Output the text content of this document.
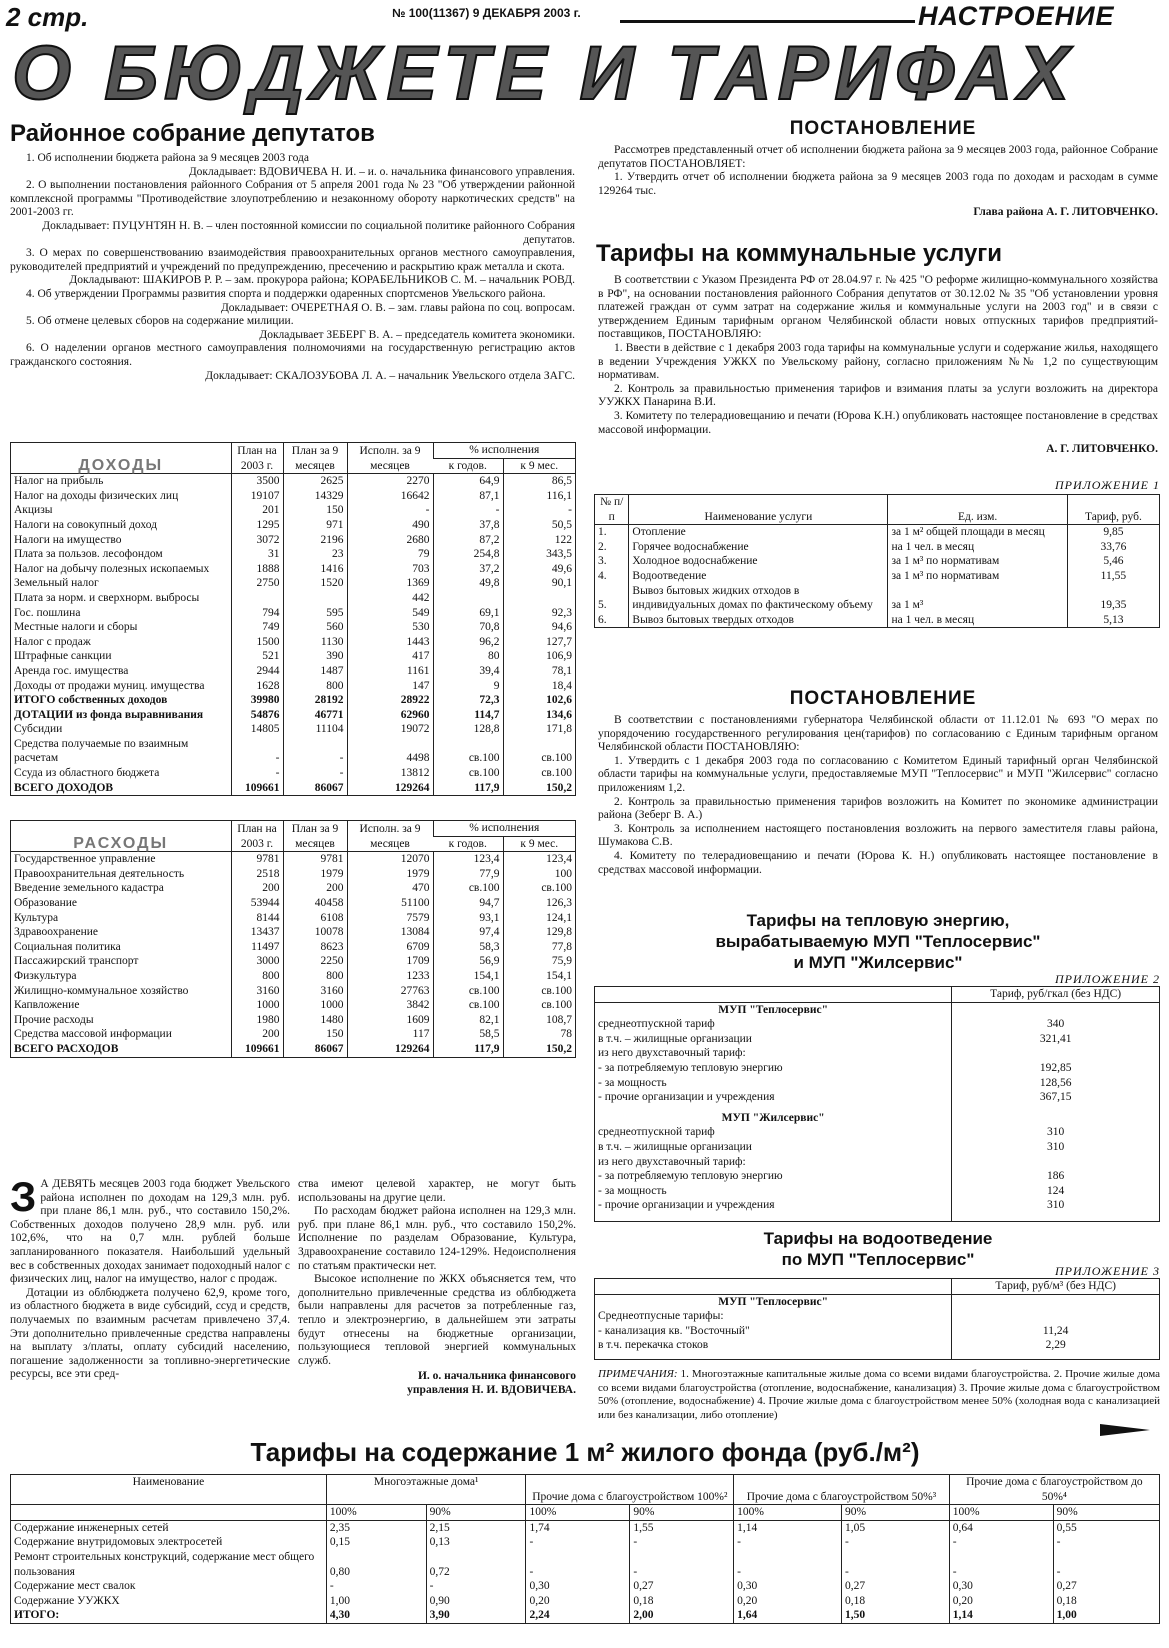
2 стр.	№ 100(11367) 9 ДЕКАБРЯ 2003 г.	НАСТРОЕНИЕ
О БЮДЖЕТЕ И ТАРИФАХ
Районное собрание депутатов

1. Об исполнении бюджета района за 9 месяцев 2003 года

Докладывает: ВДОВИЧЕВА Н. И. – и. о. начальника финансового управления.

2. О выполнении постановления районного Собрания от 5 апреля 2001 года № 23 "Об утверждении районной комплексной программы "Противодействие злоупотреблению и незаконному обороту наркотических средств" на 2001-2003 гг.

Докладывает: ПУЦУНТЯН Н. В. – член постоянной комиссии по социальной политике районного Собрания депутатов.

3. О мерах по совершенствованию взаимодействия правоохранительных органов местного самоуправления, руководителей предприятий и учреждений по предупреждению, пресечению и раскрытию краж металла и скота.

Докладывают: ШАКИРОВ Р. Р. – зам. прокурора района; КОРАБЕЛЬНИКОВ С. М. – начальник РОВД.

4. Об утверждении Программы развития спорта и поддержки одаренных спортсменов Увельского района.

Докладывает: ОЧЕРЕТНАЯ О. В. – зам. главы района по соц. вопросам.

5. Об отмене целевых сборов на содержание милиции.

Докладывает ЗЕБЕРГ В. А. – председатель комитета экономики.

6. О наделении органов местного самоуправления полномочиями на государственную регистрацию актов гражданского состояния.

Докладывает: СКАЛОЗУБОВА Л. А. – начальник Увельского отдела ЗАГС.

ДОХОДЫ	План на 2003 г.	План за 9 месяцев	Исполн. за 9 месяцев	% исполнения	
				к годов.	к 9 мес.
Налог на прибыль	3500	2625	2270	64,9	86,5
Налог на доходы физических лиц	19107	14329	16642	87,1	116,1
Акцизы	201	150	-	-	-
Налоги на совокупный доход	1295	971	490	37,8	50,5
Налоги на имущество	3072	2196	2680	87,2	122
Плата за пользов. лесофондом	31	23	79	254,8	343,5
Налог на добычу полезных ископаемых	1888	1416	703	37,2	49,6
Земельный налог	2750	1520	1369	49,8	90,1
Плата за норм. и сверхнорм. выбросы			442		
Гос. пошлина	794	595	549	69,1	92,3
Местные налоги и сборы	749	560	530	70,8	94,6
Налог с продаж	1500	1130	1443	96,2	127,7
Штрафные санкции	521	390	417	80	106,9
Аренда гос. имущества	2944	1487	1161	39,4	78,1
Доходы от продажи муниц. имущества	1628	800	147	9	18,4
ИТОГО собственных доходов	39980	28192	28922	72,3	102,6
ДОТАЦИИ из фонда выравнивания	54876	46771	62960	114,7	134,6
Субсидии	14805	11104	19072	128,8	171,8
Средства получаемые по взаимным расчетам	-	-	4498	св.100	св.100
Ссуда из областного бюджета	-	-	13812	св.100	св.100
ВСЕГО ДОХОДОВ	109661	86067	129264	117,9	150,2
РАСХОДЫ	План на 2003 г.	План за 9 месяцев	Исполн. за 9 месяцев	% исполнения	
				к годов.	к 9 мес.
Государственное управление	9781	9781	12070	123,4	123,4
Правоохранительная деятельность	2518	1979	1979	77,9	100
Введение земельного кадастра	200	200	470	св.100	св.100
Образование	53944	40458	51100	94,7	126,3
Культура	8144	6108	7579	93,1	124,1
Здравоохранение	13437	10078	13084	97,4	129,8
Социальная политика	11497	8623	6709	58,3	77,8
Пассажирский транспорт	3000	2250	1709	56,9	75,9
Физкультура	800	800	1233	154,1	154,1
Жилищно-коммунальное хозяйство	3160	3160	27763	св.100	св.100
Капвложение	1000	1000	3842	св.100	св.100
Прочие расходы	1980	1480	1609	82,1	108,7
Средства массовой информации	200	150	117	58,5	78
ВСЕГО РАСХОДОВ	109661	86067	129264	117,9	150,2
З А ДЕВЯТЬ месяцев 2003 года бюджет Увельского района исполнен по доходам на 129,3 млн. руб. при плане 86,1 млн. руб., что составило 150,2%. Собственных доходов получено 28,9 млн. руб. или 102,6%, что на 0,7 млн. рублей больше запланированного показателя. Наибольший удельный вес в собственных доходах занимает подоходный налог с физических лиц, налог на имущество, налог с продаж.

Дотации из облбюджета получено 62,9, кроме того, из областного бюджета в виде субсидий, ссуд и средств, получаемых по взаимным расчетам привлечено 37,4. Эти дополнительно привлеченные средства направлены на выплату з/платы, оплату субсидий населению, погашение задолженности за топливно-энергетические ресурсы, все эти сред-

ства имеют целевой характер, не могут быть использованы на другие цели.

По расходам бюджет района исполнен на 129,3 млн. руб. при плане 86,1 млн. руб., что составило 150,2%. Исполнение по разделам Образование, Культура, Здравоохранение составило 124-129%. Недоисполнения по статьям практически нет.

Высокое исполнение по ЖКХ объясняется тем, что дополнительно привлеченные средства из облбюджета были направлены для расчетов за потребленные газ, тепло и электроэнергию, в дальнейшем эти затраты будут отнесены на бюджетные организации, пользующиеся тепловой энергией коммунальных служб.

И. о. начальника финансового

управления Н. И. ВДОВИЧЕВА.

ПОСТАНОВЛЕНИЕ

Рассмотрев представленный отчет об исполнении бюджета района за 9 месяцев 2003 года, районное Собрание депутатов ПОСТАНОВЛЯЕТ:

1. Утвердить отчет об исполнении бюджета района за 9 месяцев 2003 года по доходам и расходам в сумме 129264 тыс.

Глава района А. Г. ЛИТОВЧЕНКО.

Тарифы на коммунальные услуги

В соответствии с Указом Президента РФ от 28.04.97 г. № 425 "О реформе жилищно-коммунального хозяйства в РФ", на основании постановления районного Собрания депутатов от 30.12.02 № 35 "Об установлении уровня платежей граждан от сумм затрат на содержание жилья и коммунальные услуги на 2003 год" и в связи с утверждением Единым тарифным органом Челябинской области новых отпускных тарифов предприятий-поставщиков, ПОСТАНОВЛЯЮ:

1. Ввести в действие с 1 декабря 2003 года тарифы на коммунальные услуги и содержание жилья, находящего в ведении Учреждения УЖКХ по Увельскому району, согласно приложениям №№ 1,2 по существующим нормативам.

2. Контроль за правильностью применения тарифов и взимания платы за услуги возложить на директора УУЖКХ Панарина В.И.

3. Комитету по телерадиовещанию и печати (Юрова К.Н.) опубликовать настоящее постановление в средствах массовой информации.

А. Г. ЛИТОВЧЕНКО.

ПРИЛОЖЕНИЕ 1
№ п/п	Наименование услуги	Ед. изм.	Тариф, руб.
1.	Отопление	за 1 м² общей площади в месяц	9,85
2.	Горячее водоснабжение	на 1 чел. в месяц	33,76
3.	Холодное водоснабжение	за 1 м³ по нормативам	5,46
4.	Водоотведение	за 1 м³ по нормативам	11,55
5.	Вывоз бытовых жидких отходов в индивидуальных домах по фактическому объему	за 1 м³	19,35
6.	Вывоз бытовых твердых отходов	на 1 чел. в месяц	5,13
ПОСТАНОВЛЕНИЕ

В соответствии с постановлениями губернатора Челябинской области от 11.12.01 № 693 "О мерах по упорядочению государственного регулирования цен(тарифов) по согласованию с Единым тарифным органом Челябинской области ПОСТАНОВЛЯЮ:

1. Утвердить с 1 декабря 2003 года по согласованию с Комитетом Единый тарифный орган Челябинской области тарифы на коммунальные услуги, предоставляемые МУП "Теплосервис" и МУП "Жилсервис" согласно приложениям 1,2.

2. Контроль за правильностью применения тарифов возложить на Комитет по экономике администрации района (Зеберг В. А.)

3. Контроль за исполнением настоящего постановления возложить на первого заместителя главы района, Шумакова С.В.

4. Комитету по телерадиовещанию и печати (Юрова К. Н.) опубликовать настоящее постановление в средствах массовой информации.

Тарифы на тепловую энергию,
вырабатываемую МУП "Теплосервис"
и МУП "Жилсервис"
ПРИЛОЖЕНИЕ 2
	Тариф, руб/гкал (без НДС)
МУП "Теплосервис"	
среднеотпускной тариф	340
в т.ч. – жилищные организации	321,41
из него двухставочный тариф:	
- за потребляемую тепловую энергию	192,85
- за мощность	128,56
- прочие организации и учреждения	367,15
МУП "Жилсервис"	
среднеотпускной тариф	310
в т.ч. – жилищные организации	310
из него двухставочный тариф:	
- за потребляемую тепловую энергию	186
- за мощность	124
- прочие организации и учреждения	310

Тарифы на водоотведение
по МУП "Теплосервис"
ПРИЛОЖЕНИЕ 3
	Тариф, руб/м³ (без НДС)
МУП "Теплосервис"	
Среднеотпусные тарифы:	
- канализация кв. "Восточный"	11,24
в т.ч. перекачка стоков	2,29

ПРИМЕЧАНИЯ: 1. Многоэтажные капитальные жилые дома со всеми видами благоустройства. 2. Прочие жилые дома со всеми видами благоустройства (отопление, водоснабжение, канализация) 3. Прочие жилые дома с благоустройством 50% (отопление, водоснабжение) 4. Прочие жилые дома с благоустройством менее 50% (холодная вода с канализацией или без канализации, либо отопление)
Тарифы на содержание 1 м² жилого фонда (руб./м²)
Наименование	Многоэтажные дома¹		Прочие дома с благоустройством 100%²		Прочие дома с благоустройством 50%³		Прочие дома с благоустройством до 50%⁴	
	100%	90%	100%	90%	100%	90%	100%	90%
Содержание инженерных сетей	2,35	2,15	1,74	1,55	1,14	1,05	0,64	0,55
Содержание внутридомовых электросетей	0,15	0,13	-	-	-	-	-	-
Ремонт строительных конструкций, содержание мест общего пользования	0,80	0,72	-	-	-	-	-	-
Содержание мест свалок	-	-	0,30	0,27	0,30	0,27	0,30	0,27
Содержание УУЖКХ	1,00	0,90	0,20	0,18	0,20	0,18	0,20	0,18
ИТОГО:	4,30	3,90	2,24	2,00	1,64	1,50	1,14	1,00
